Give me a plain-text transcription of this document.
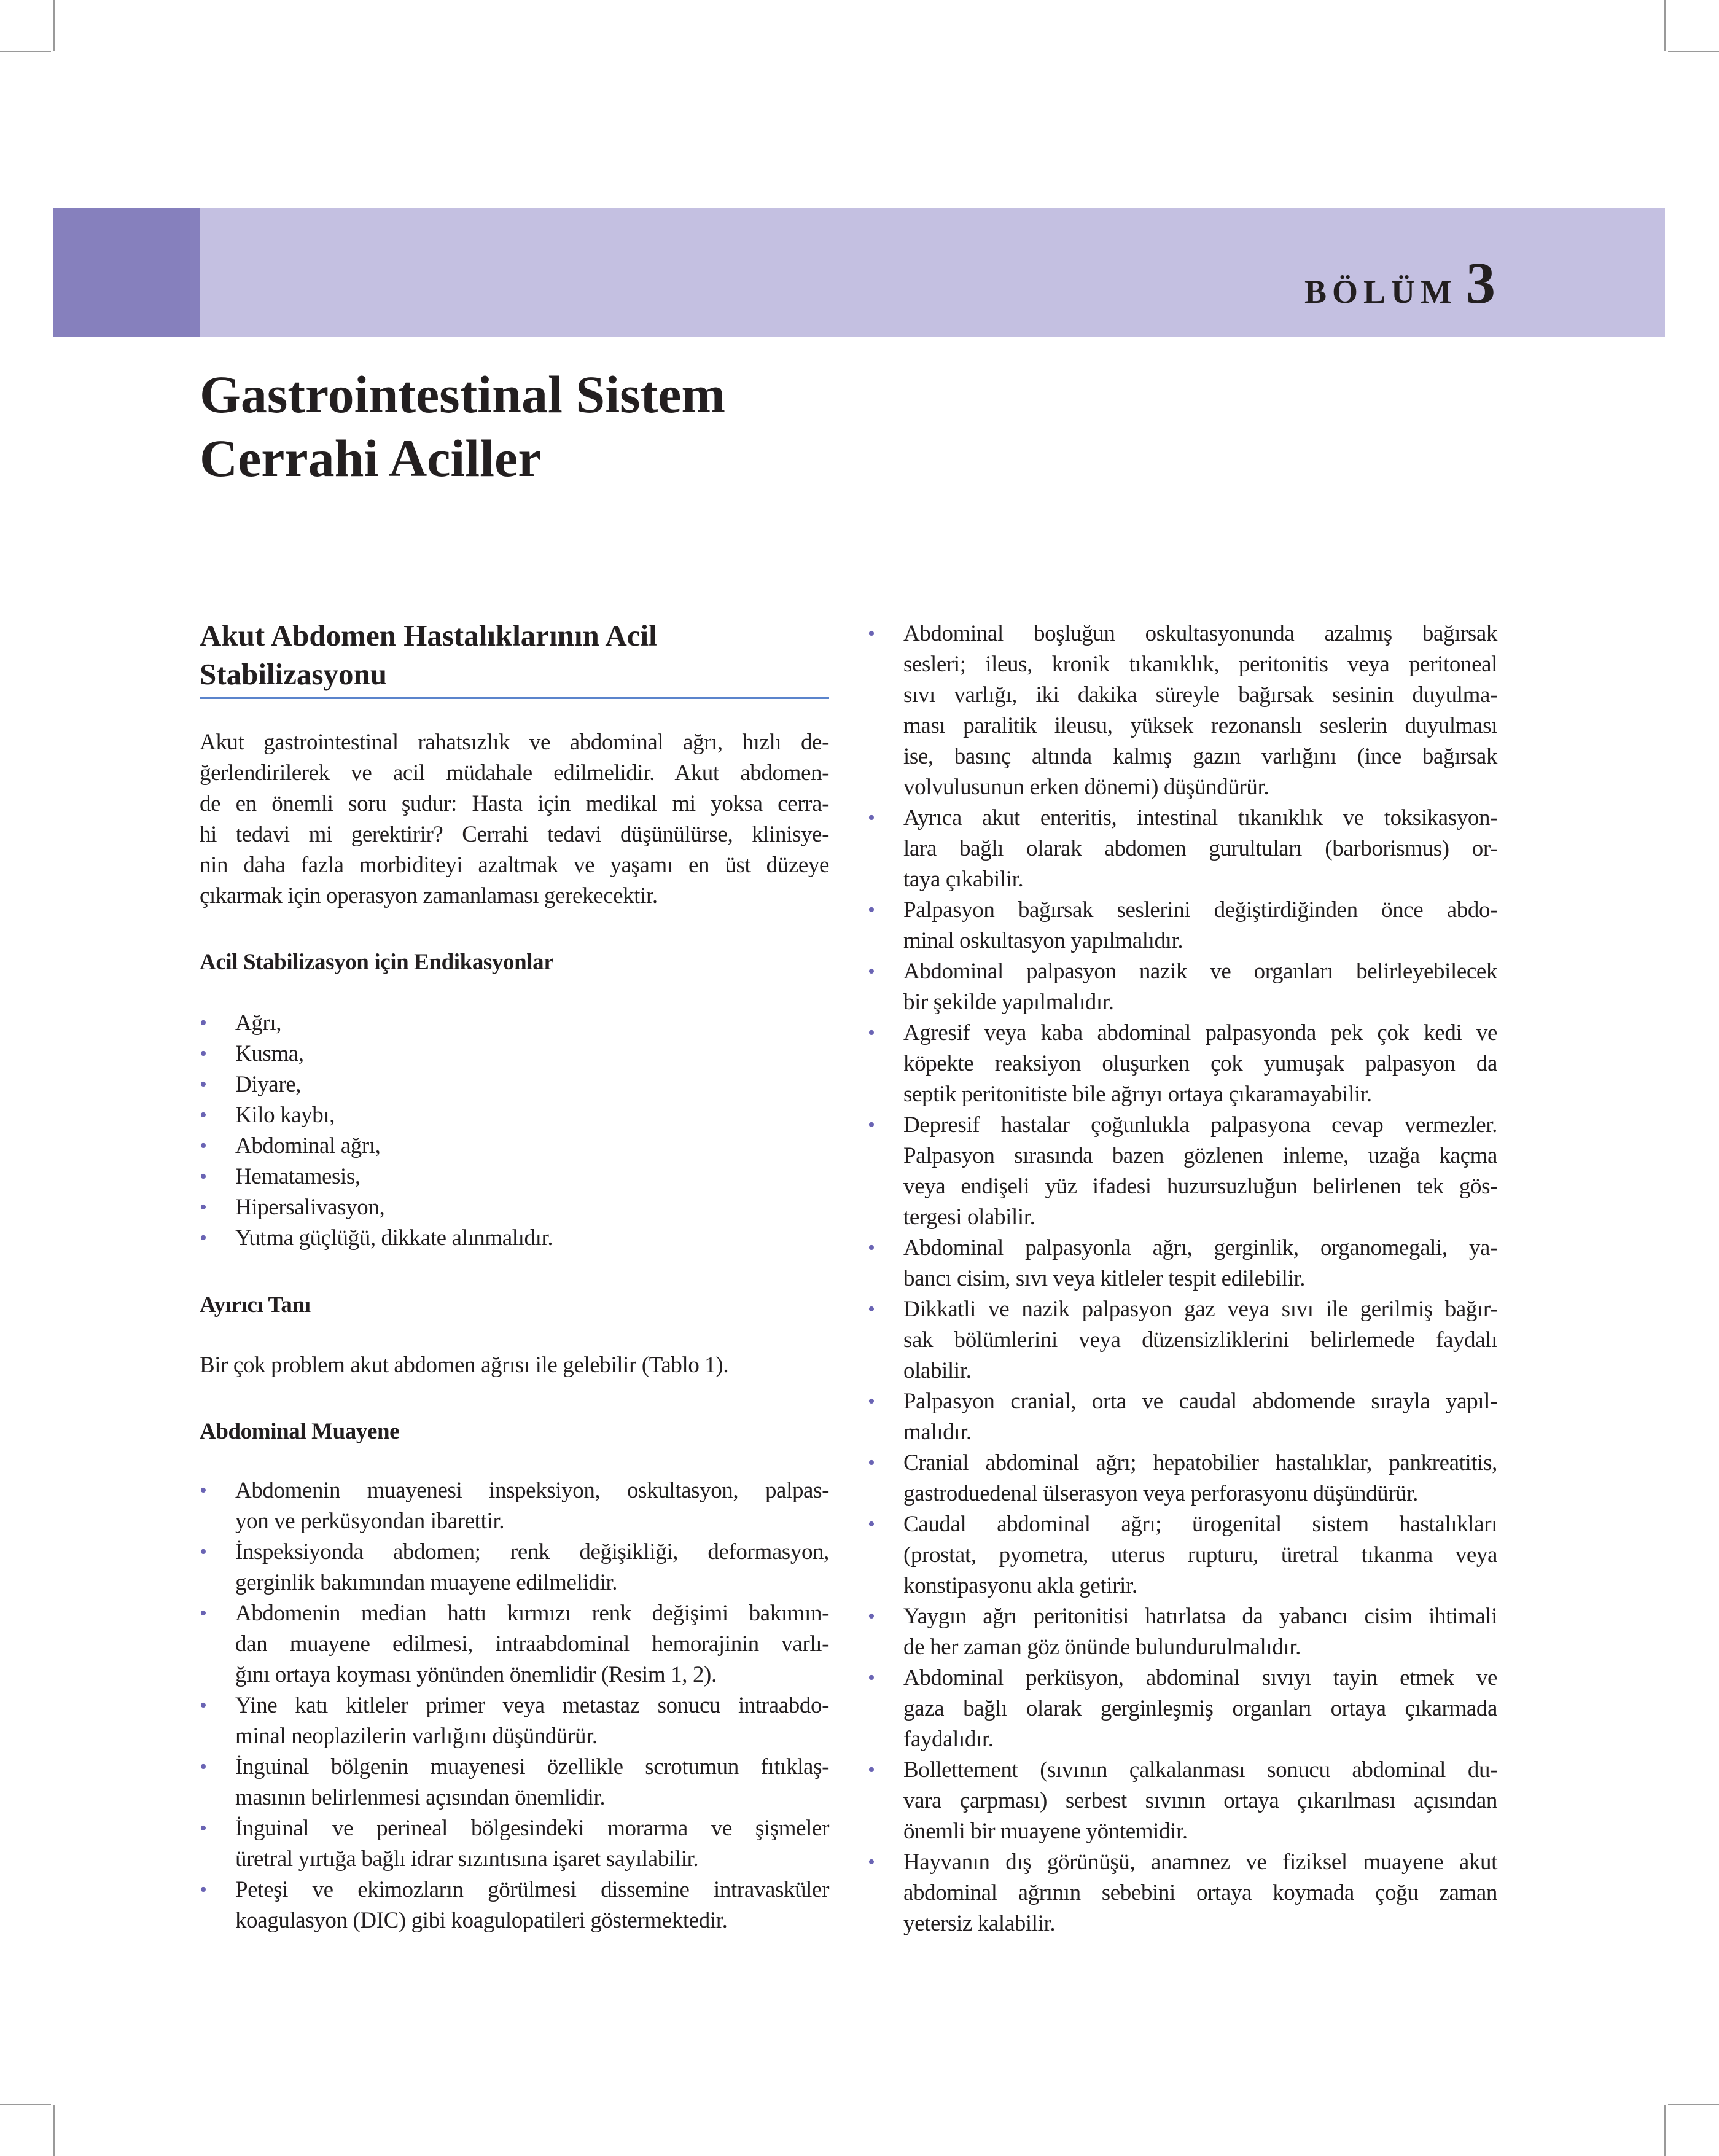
BÖLÜM 3
Gastrointestinal Sistem
Cerrahi Aciller
Akut Abdomen Hastalıklarının Acil
Stabilizasyonu
Akut gastrointestinal rahatsızlık ve abdominal ağrı, hızlı de-
ğerlendirilerek ve acil müdahale edilmelidir. Akut abdomen-
de en önemli soru şudur: Hasta için medikal mi yoksa cerra-
hi tedavi mi gerektirir? Cerrahi tedavi düşünülürse, klinisye-
nin daha fazla morbiditeyi azaltmak ve yaşamı en üst düzeye
çıkarmak için operasyon zamanlaması gerekecektir.
Acil Stabilizasyon için Endikasyonlar
• Ağrı,
• Kusma,
• Diyare,
• Kilo kaybı,
• Abdominal ağrı,
• Hematamesis,
• Hipersalivasyon,
• Yutma güçlüğü, dikkate alınmalıdır.
Ayırıcı Tanı
Bir çok problem akut abdomen ağrısı ile gelebilir (Tablo 1).
Abdominal Muayene
• Abdomenin muayenesi inspeksiyon, oskultasyon, palpas-
yon ve perküsyondan ibarettir.
• İnspeksiyonda abdomen; renk değişikliği, deformasyon,
gerginlik bakımından muayene edilmelidir.
• Abdomenin median hattı kırmızı renk değişimi bakımın-
dan muayene edilmesi, intraabdominal hemorajinin varlı-
ğını ortaya koyması yönünden önemlidir (Resim 1, 2).
• Yine katı kitleler primer veya metastaz sonucu intraabdo-
minal neoplazilerin varlığını düşündürür.
• İnguinal bölgenin muayenesi özellikle scrotumun fıtıklaş-
masının belirlenmesi açısından önemlidir.
• İnguinal ve perineal bölgesindeki morarma ve şişmeler
üretral yırtığa bağlı idrar sızıntısına işaret sayılabilir.
• Peteşi ve ekimozların görülmesi dissemine intravasküler
koagulasyon (DIC) gibi koagulopatileri göstermektedir.
• Abdominal boşluğun oskultasyonunda azalmış bağırsak
sesleri; ileus, kronik tıkanıklık, peritonitis veya peritoneal
sıvı varlığı, iki dakika süreyle bağırsak sesinin duyulma-
ması paralitik ileusu, yüksek rezonanslı seslerin duyulması
ise, basınç altında kalmış gazın varlığını (ince bağırsak
volvulusunun erken dönemi) düşündürür.
• Ayrıca akut enteritis, intestinal tıkanıklık ve toksikasyon-
lara bağlı olarak abdomen gurultuları (barborismus) or-
taya çıkabilir.
• Palpasyon bağırsak seslerini değiştirdiğinden önce abdo-
minal oskultasyon yapılmalıdır.
• Abdominal palpasyon nazik ve organları belirleyebilecek
bir şekilde yapılmalıdır.
• Agresif veya kaba abdominal palpasyonda pek çok kedi ve
köpekte reaksiyon oluşurken çok yumuşak palpasyon da
septik peritonitiste bile ağrıyı ortaya çıkaramayabilir.
• Depresif hastalar çoğunlukla palpasyona cevap vermezler.
Palpasyon sırasında bazen gözlenen inleme, uzağa kaçma
veya endişeli yüz ifadesi huzursuzluğun belirlenen tek gös-
tergesi olabilir.
• Abdominal palpasyonla ağrı, gerginlik, organomegali, ya-
bancı cisim, sıvı veya kitleler tespit edilebilir.
• Dikkatli ve nazik palpasyon gaz veya sıvı ile gerilmiş bağır-
sak bölümlerini veya düzensizliklerini belirlemede faydalı
olabilir.
• Palpasyon cranial, orta ve caudal abdomende sırayla yapıl-
malıdır.
• Cranial abdominal ağrı; hepatobilier hastalıklar, pankreatitis,
gastroduedenal ülserasyon veya perforasyonu düşündürür.
• Caudal abdominal ağrı; ürogenital sistem hastalıkları
(prostat, pyometra, uterus rupturu, üretral tıkanma veya
konstipasyonu akla getirir.
• Yaygın ağrı peritonitisi hatırlatsa da yabancı cisim ihtimali
de her zaman göz önünde bulundurulmalıdır.
• Abdominal perküsyon, abdominal sıvıyı tayin etmek ve
gaza bağlı olarak gerginleşmiş organları ortaya çıkarmada
faydalıdır.
• Bollettement (sıvının çalkalanması sonucu abdominal du-
vara çarpması) serbest sıvının ortaya çıkarılması açısından
önemli bir muayene yöntemidir.
• Hayvanın dış görünüşü, anamnez ve fiziksel muayene akut
abdominal ağrının sebebini ortaya koymada çoğu zaman
yetersiz kalabilir.
